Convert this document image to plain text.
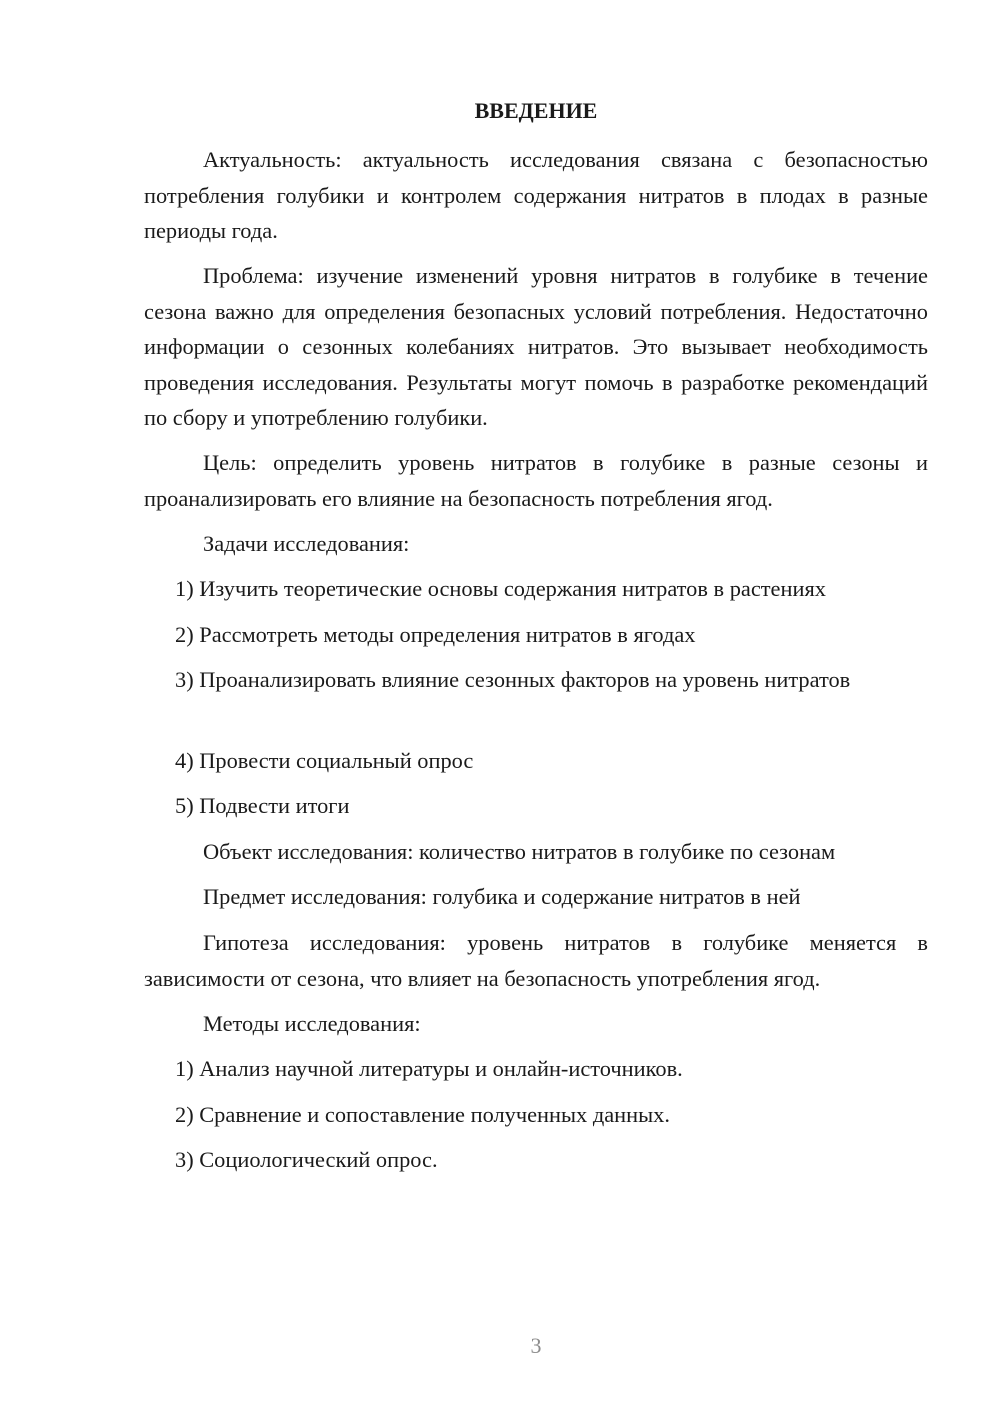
ВВЕДЕНИЕ

Актуальность: актуальность исследования связана с безопасностью потребления голубики и контролем содержания нитратов в плодах в разные периоды года.

Проблема: изучение изменений уровня нитратов в голубике в течение сезона важно для определения безопасных условий потребления. Недостаточно информации о сезонных колебаниях нитратов. Это вызывает необходимость проведения исследования. Результаты могут помочь в разработке рекомендаций по сбору и употреблению голубики.

Цель: определить уровень нитратов в голубике в разные сезоны и проанализировать его влияние на безопасность потребления ягод.

Задачи исследования:

1) Изучить теоретические основы содержания нитратов в растениях

2) Рассмотреть методы определения нитратов в ягодах

3) Проанализировать влияние сезонных факторов на уровень нитратов

4) Провести социальный опрос

5) Подвести итоги

Объект исследования: количество нитратов в голубике по сезонам

Предмет исследования: голубика и содержание нитратов в ней

Гипотеза исследования: уровень нитратов в голубике меняется в зависимости от сезона, что влияет на безопасность употребления ягод.

Методы исследования:

1) Анализ научной литературы и онлайн-источников.

2) Сравнение и сопоставление полученных данных.

3) Социологический опрос.

3
